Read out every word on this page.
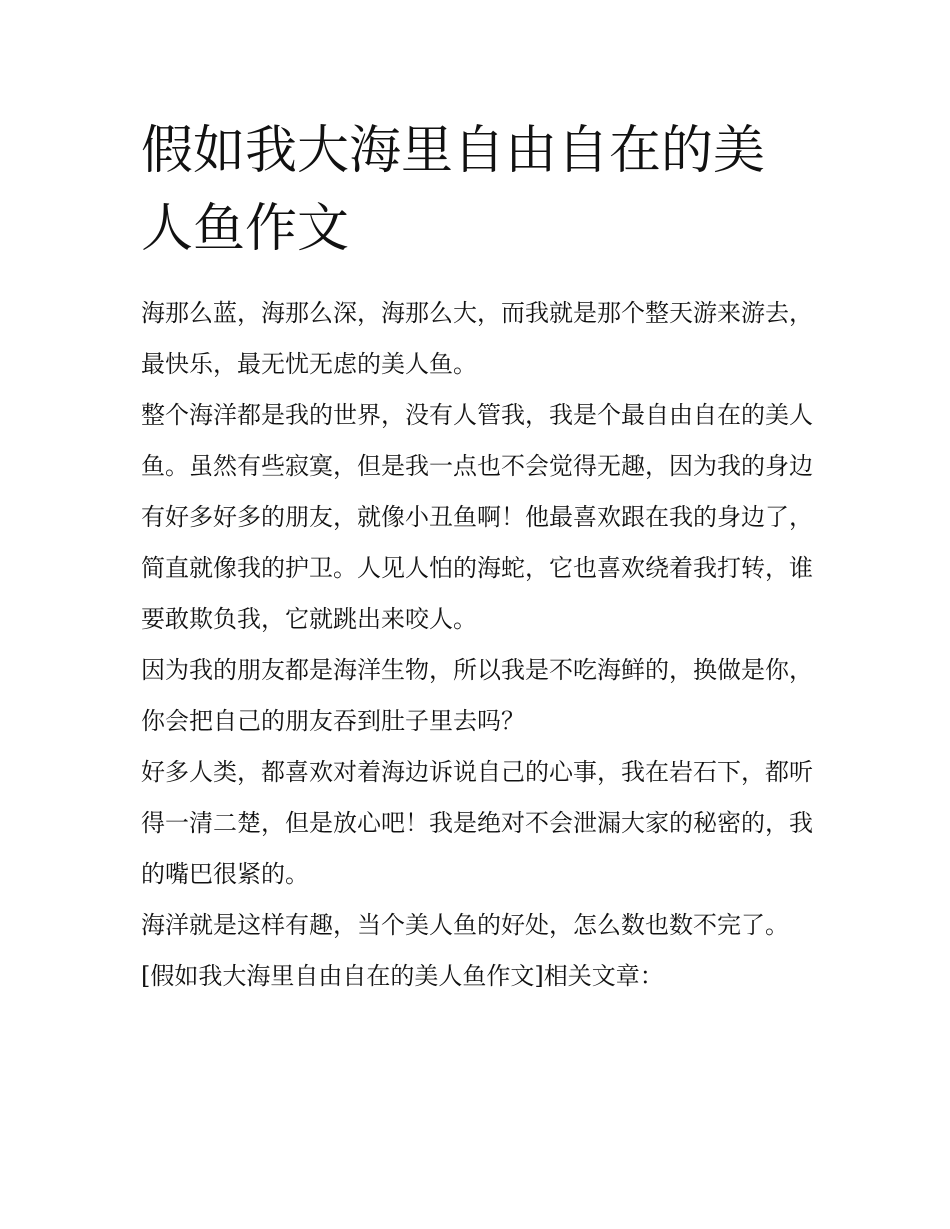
假如我大海里自由自在的美人鱼作文

海那么蓝，海那么深，海那么大，而我就是那个整天游来游去，最快乐，最无忧无虑的美人鱼。

整个海洋都是我的世界，没有人管我，我是个最自由自在的美人鱼。虽然有些寂寞，但是我一点也不会觉得无趣，因为我的身边有好多好多的朋友，就像小丑鱼啊！他最喜欢跟在我的身边了，简直就像我的护卫。人见人怕的海蛇，它也喜欢绕着我打转，谁要敢欺负我，它就跳出来咬人。

因为我的朋友都是海洋生物，所以我是不吃海鲜的，换做是你，你会把自己的朋友吞到肚子里去吗？

好多人类，都喜欢对着海边诉说自己的心事，我在岩石下，都听得一清二楚，但是放心吧！我是绝对不会泄漏大家的秘密的，我的嘴巴很紧的。

海洋就是这样有趣，当个美人鱼的好处，怎么数也数不完了。

[假如我大海里自由自在的美人鱼作文]相关文章：
